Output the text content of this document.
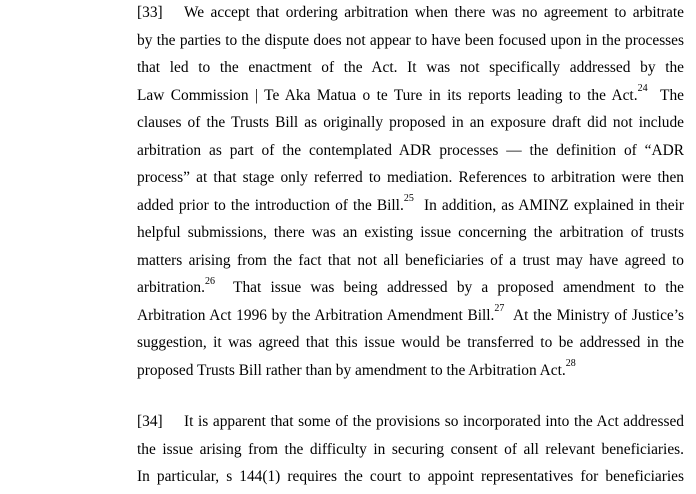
[33] We accept that ordering arbitration when there was no agreement to arbitrate
by the parties to the dispute does not appear to have been focused upon in the processes
that led to the enactment of the Act. It was not specifically addressed by the
Law Commission | Te Aka Matua o te Ture in its reports leading to the Act.$^{24}$  The
clauses of the Trusts Bill as originally proposed in an exposure draft did not include
arbitration as part of the contemplated ADR processes — the definition of “ADR
process” at that stage only referred to mediation. References to arbitration were then
added prior to the introduction of the Bill.$^{25}$  In addition, as AMINZ explained in their
helpful submissions, there was an existing issue concerning the arbitration of trusts
matters arising from the fact that not all beneficiaries of a trust may have agreed to
arbitration.$^{26}$  That issue was being addressed by a proposed amendment to the
Arbitration Act 1996 by the Arbitration Amendment Bill.$^{27}$  At the Ministry of Justice’s
suggestion, it was agreed that this issue would be transferred to be addressed in the
proposed Trusts Bill rather than by amendment to the Arbitration Act.$^{28}$
[34] It is apparent that some of the provisions so incorporated into the Act addressed
the issue arising from the difficulty in securing consent of all relevant beneficiaries.
In particular, s 144(1) requires the court to appoint representatives for beneficiaries
